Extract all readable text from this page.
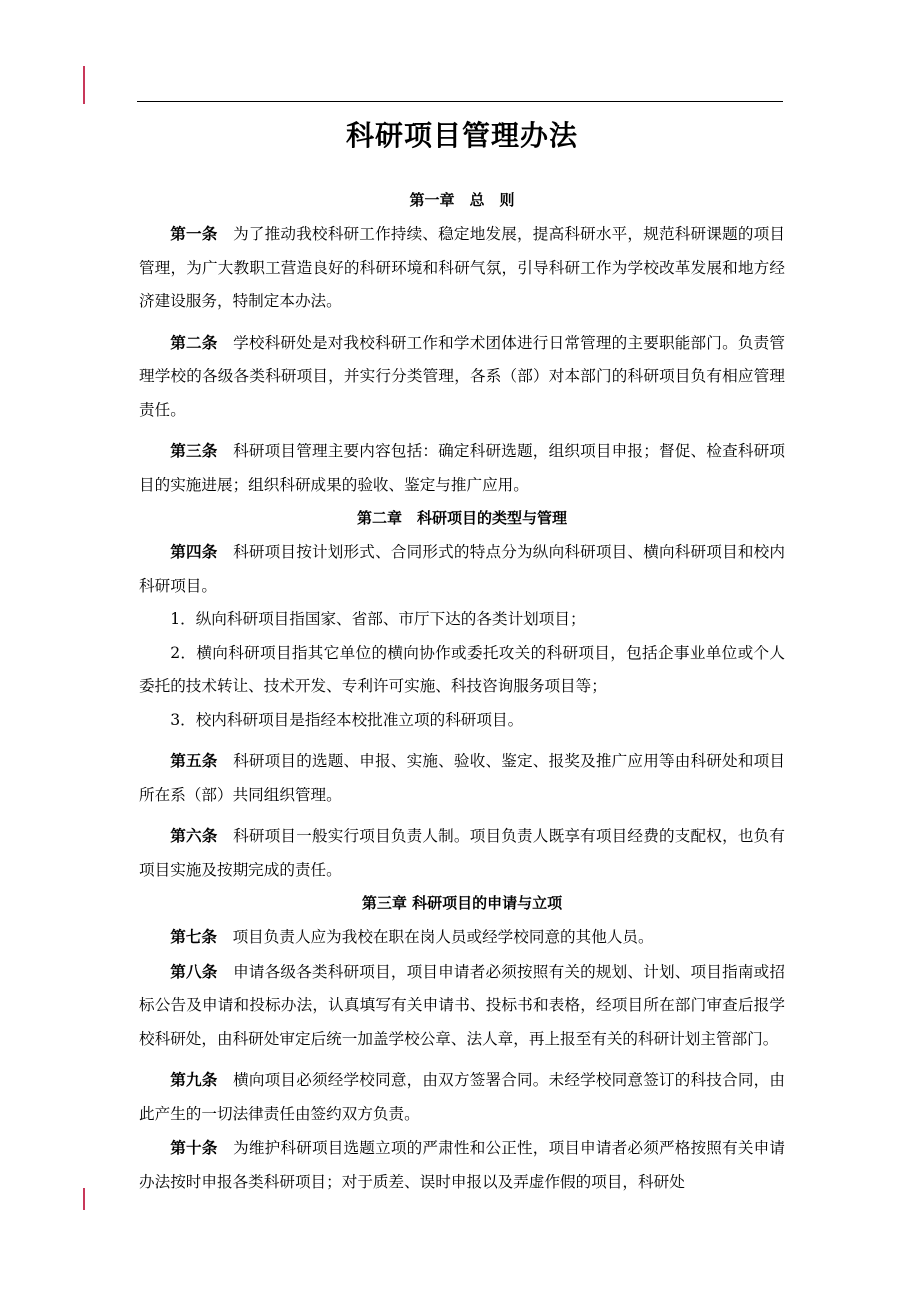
科研项目管理办法
第一章　总　则

第一条 为了推动我校科研工作持续、稳定地发展，提高科研水平，规范科研课题的项目管理，为广大教职工营造良好的科研环境和科研气氛，引导科研工作为学校改革发展和地方经济建设服务，特制定本办法。

第二条 学校科研处是对我校科研工作和学术团体进行日常管理的主要职能部门。负责管理学校的各级各类科研项目，并实行分类管理，各系（部）对本部门的科研项目负有相应管理责任。

第三条 科研项目管理主要内容包括：确定科研选题，组织项目申报；督促、检查科研项目的实施进展；组织科研成果的验收、鉴定与推广应用。

第二章　科研项目的类型与管理

第四条 科研项目按计划形式、合同形式的特点分为纵向科研项目、横向科研项目和校内科研项目。

1．纵向科研项目指国家、省部、市厅下达的各类计划项目；

2．横向科研项目指其它单位的横向协作或委托攻关的科研项目，包括企事业单位或个人委托的技术转让、技术开发、专利许可实施、科技咨询服务项目等；

3．校内科研项目是指经本校批准立项的科研项目。

第五条 科研项目的选题、申报、实施、验收、鉴定、报奖及推广应用等由科研处和项目所在系（部）共同组织管理。

第六条 科研项目一般实行项目负责人制。项目负责人既享有项目经费的支配权，也负有项目实施及按期完成的责任。

第三章 科研项目的申请与立项

第七条 项目负责人应为我校在职在岗人员或经学校同意的其他人员。

第八条 申请各级各类科研项目，项目申请者必须按照有关的规划、计划、项目指南或招标公告及申请和投标办法，认真填写有关申请书、投标书和表格，经项目所在部门审查后报学校科研处，由科研处审定后统一加盖学校公章、法人章，再上报至有关的科研计划主管部门。

第九条 横向项目必须经学校同意，由双方签署合同。未经学校同意签订的科技合同，由此产生的一切法律责任由签约双方负责。

第十条 为维护科研项目选题立项的严肃性和公正性，项目申请者必须严格按照有关申请办法按时申报各类科研项目；对于质差、误时申报以及弄虚作假的项目，科研处
